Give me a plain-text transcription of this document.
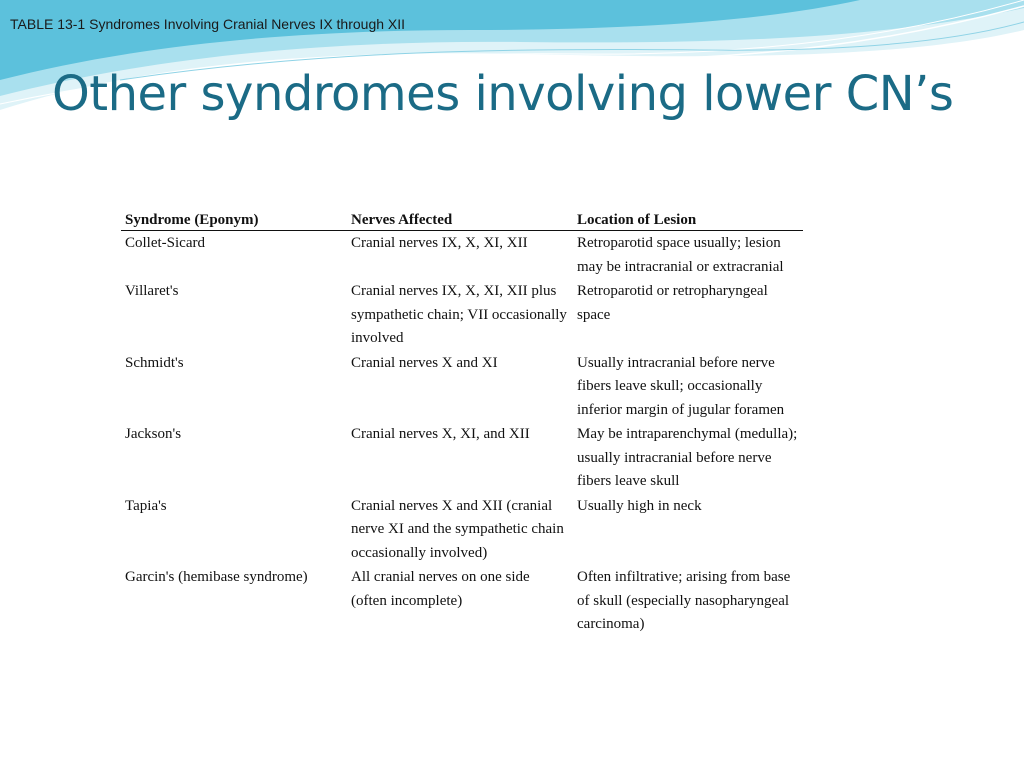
TABLE 13-1 Syndromes Involving Cranial Nerves IX through XII
Other syndromes involving lower CN’s
Syndrome (Eponym)	Nerves Affected	Location of Lesion
Collet-Sicard	Cranial nerves IX, X, XI, XII	Retroparotid space usually; lesion may be intracranial or extracranial
Villaret's	Cranial nerves IX, X, XI, XII plus sympathetic chain; VII occasionally involved	Retroparotid or retropharyngeal space
Schmidt's	Cranial nerves X and XI	Usually intracranial before nerve fibers leave skull; occasionally inferior margin of jugular foramen
Jackson's	Cranial nerves X, XI, and XII	May be intraparenchymal (medulla); usually intracranial before nerve fibers leave skull
Tapia's	Cranial nerves X and XII (cranial nerve XI and the sympathetic chain occasionally involved)	Usually high in neck
Garcin's (hemibase syndrome)	All cranial nerves on one side (often incomplete)	Often infiltrative; arising from base of skull (especially nasopharyngeal carcinoma)
